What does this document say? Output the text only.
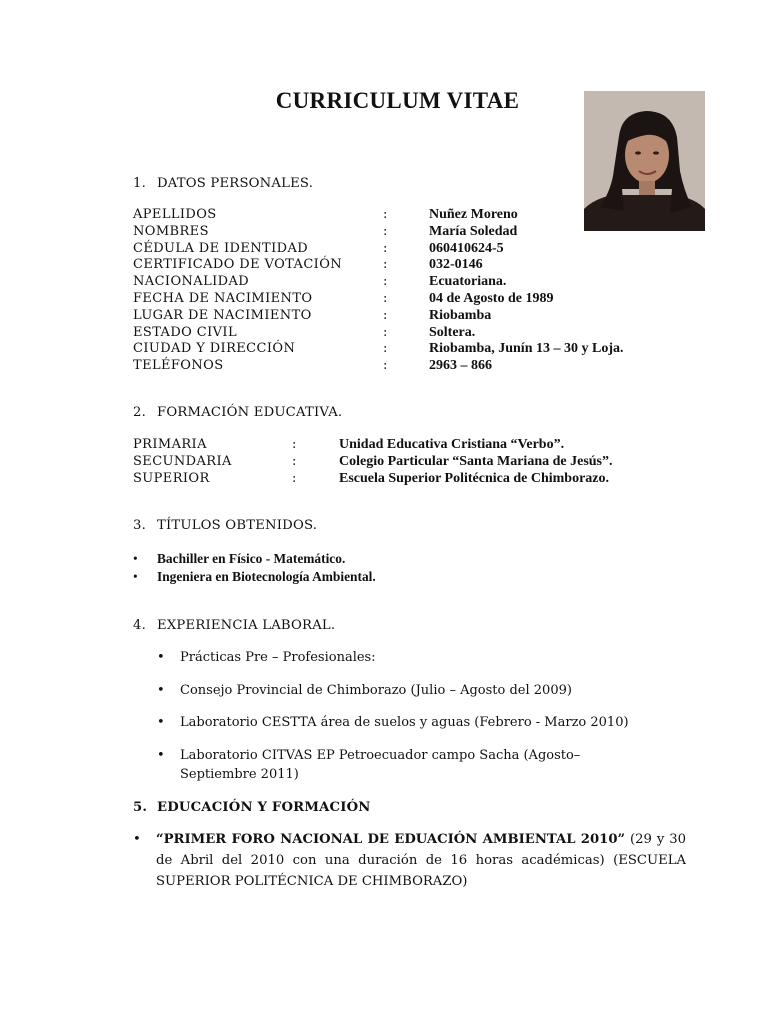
CURRICULUM VITAE
1. DATOS PERSONALES.
APELLIDOS	:	Nuñez Moreno
NOMBRES	:	María Soledad
CÉDULA DE IDENTIDAD	:	060410624-5
CERTIFICADO DE VOTACIÓN	:	032-0146
NACIONALIDAD	:	Ecuatoriana.
FECHA DE NACIMIENTO	:	04 de Agosto de 1989
LUGAR DE NACIMIENTO	:	Riobamba
ESTADO CIVIL	:	Soltera.
CIUDAD Y DIRECCIÓN	:	Riobamba, Junín 13 – 30 y Loja.
TELÉFONOS	:	2963 – 866
2. FORMACIÓN EDUCATIVA.
PRIMARIA	:	Unidad Educativa Cristiana “Verbo”.
SECUNDARIA	:	Colegio Particular “Santa Mariana de Jesús”.
SUPERIOR	:	Escuela Superior Politécnica de Chimborazo.
3. TÍTULOS OBTENIDOS.
• Bachiller en Físico - Matemático.
• Ingeniera en Biotecnología Ambiental.
4. EXPERIENCIA LABORAL.
• Prácticas Pre – Profesionales:
• Consejo Provincial de Chimborazo (Julio – Agosto del 2009)
• Laboratorio CESTTA área de suelos y aguas (Febrero - Marzo 2010)
• Laboratorio CITVAS EP Petroecuador campo Sacha (Agosto–Septiembre 2011)
5. EDUCACIÓN Y FORMACIÓN
• “PRIMER FORO NACIONAL DE EDUACIÓN AMBIENTAL 2010” (29 y 30 de Abril del 2010 con una duración de 16 horas académicas) (ESCUELA SUPERIOR POLITÉCNICA DE CHIMBORAZO)
